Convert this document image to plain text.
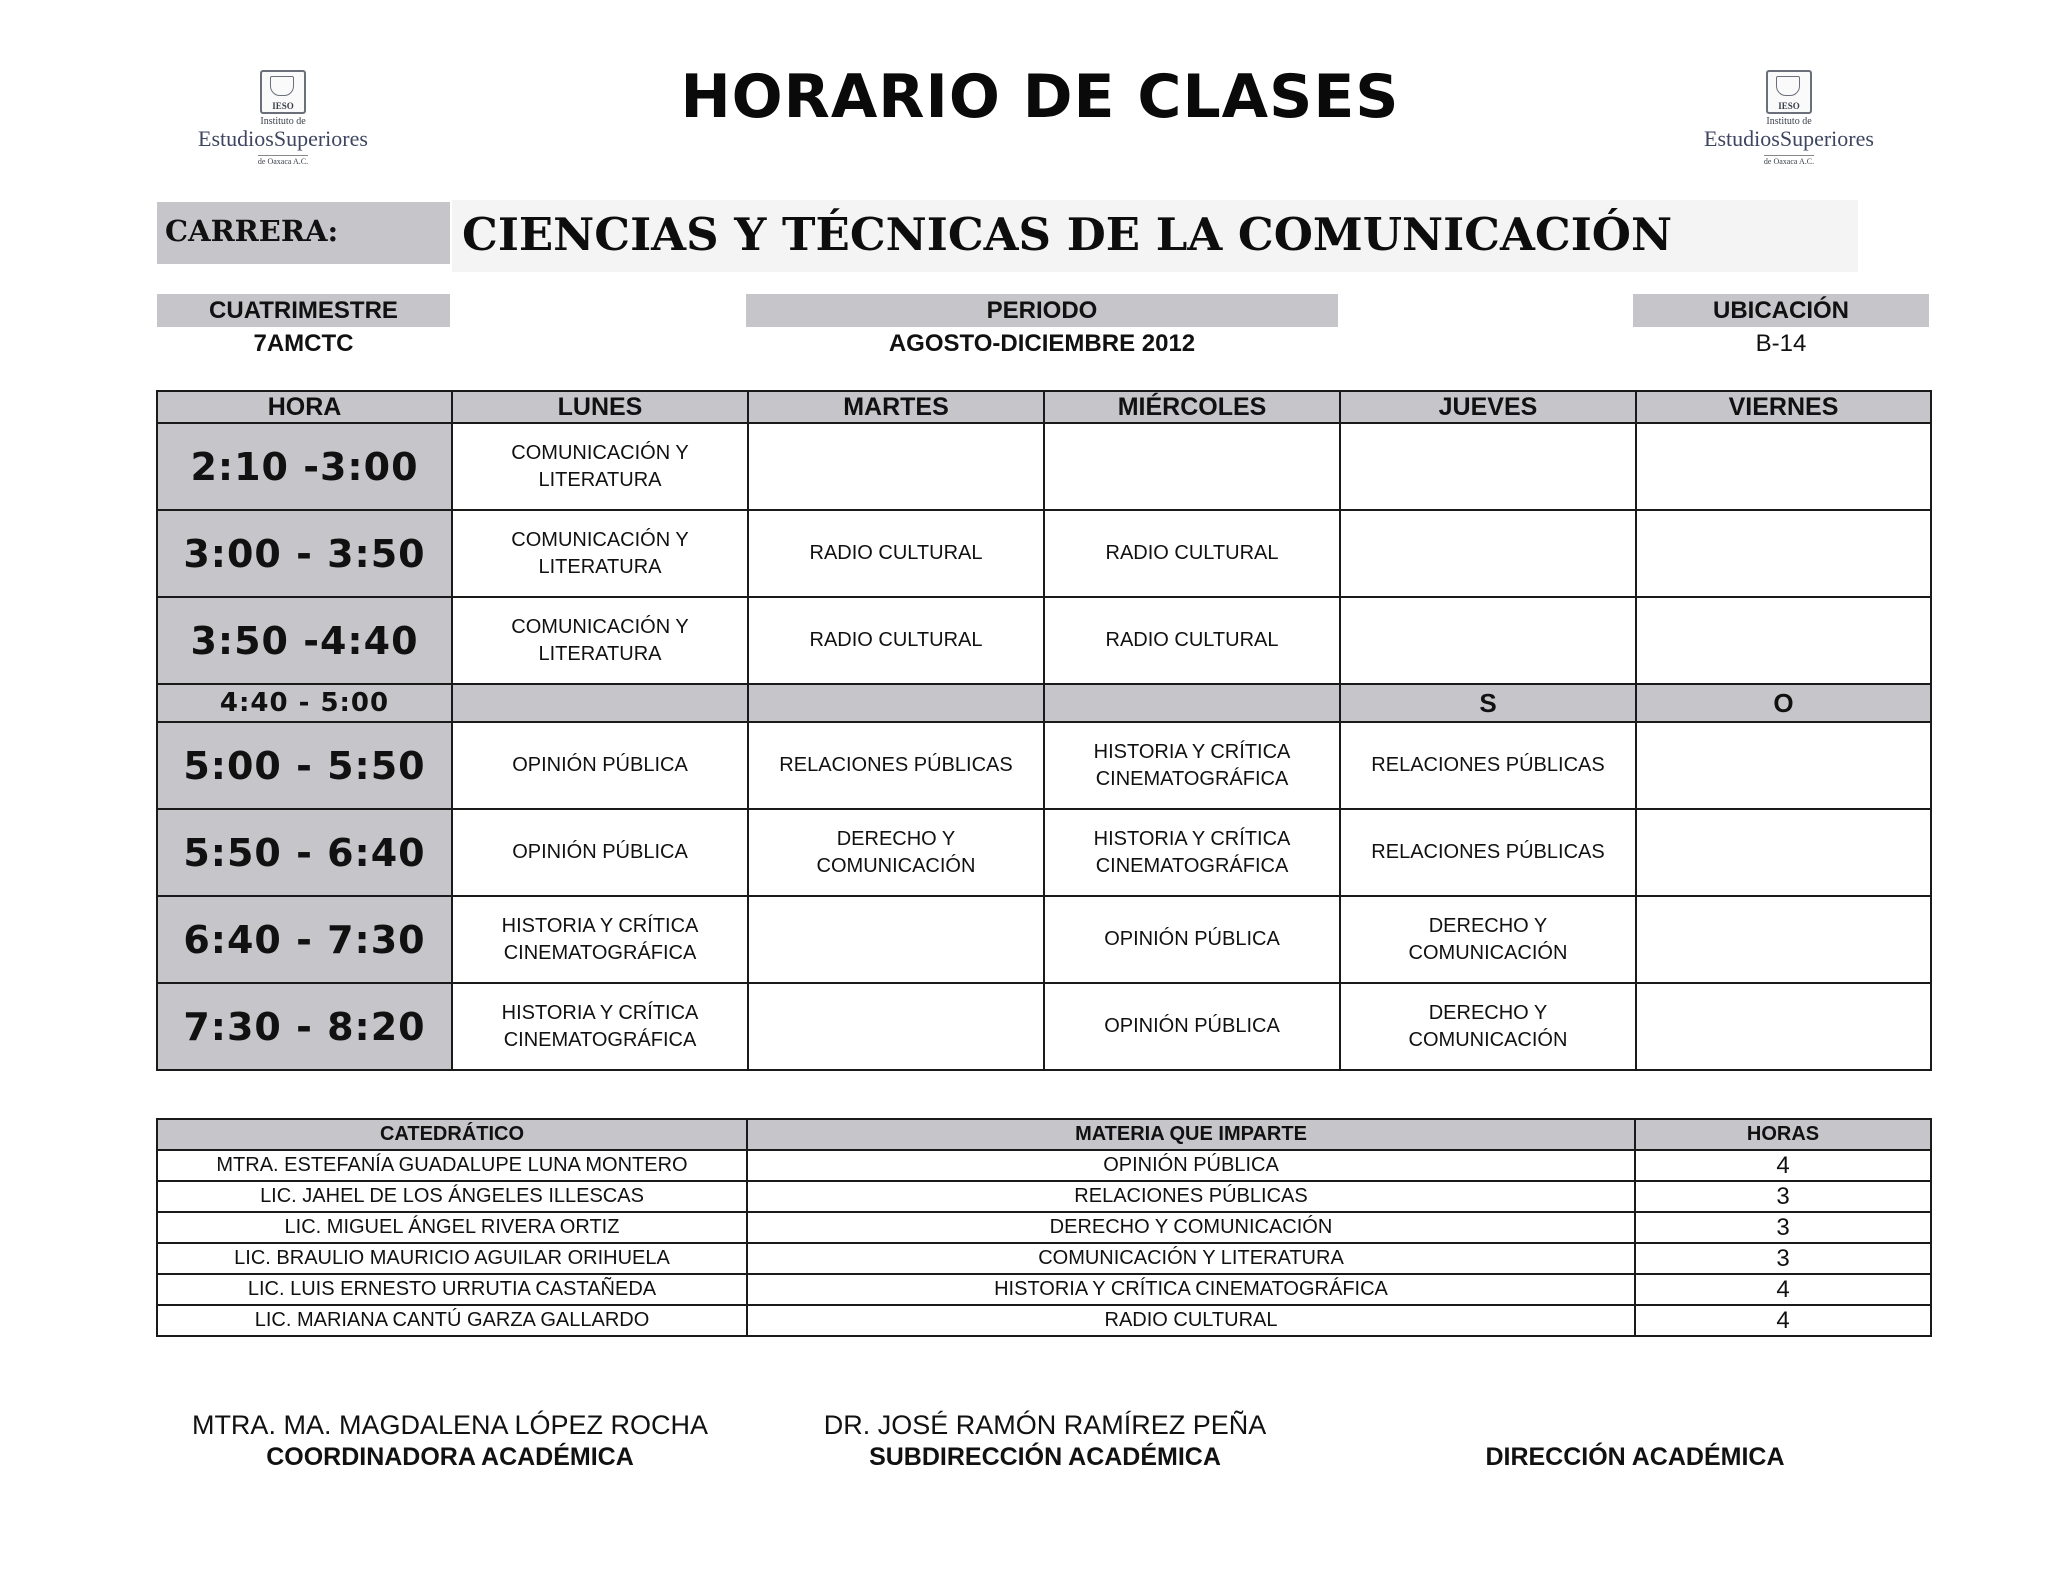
IESO
Instituto de
EstudiosSuperiores
de Oaxaca A.C.
IESO
Instituto de
EstudiosSuperiores
de Oaxaca A.C.
HORARIO DE CLASES
CARRERA:	CIENCIAS Y TÉCNICAS DE LA COMUNICACIÓN
CUATRIMESTRE
7AMCTC
PERIODO
AGOSTO-DICIEMBRE 2012
UBICACIÓN
B-14
HORA	LUNES	MARTES	MIÉRCOLES	JUEVES	VIERNES
2:10 -3:00	COMUNICACIÓN Y
LITERATURA				
3:00 - 3:50	COMUNICACIÓN Y
LITERATURA	RADIO CULTURAL	RADIO CULTURAL		
3:50 -4:40	COMUNICACIÓN Y
LITERATURA	RADIO CULTURAL	RADIO CULTURAL		
4:40 - 5:00				S	O
5:00 - 5:50	OPINIÓN PÚBLICA	RELACIONES PÚBLICAS	HISTORIA Y CRÍTICA
CINEMATOGRÁFICA	RELACIONES PÚBLICAS	
5:50 - 6:40	OPINIÓN PÚBLICA	DERECHO Y
COMUNICACIÓN	HISTORIA Y CRÍTICA
CINEMATOGRÁFICA	RELACIONES PÚBLICAS	
6:40 - 7:30	HISTORIA Y CRÍTICA
CINEMATOGRÁFICA		OPINIÓN PÚBLICA	DERECHO Y
COMUNICACIÓN	
7:30 - 8:20	HISTORIA Y CRÍTICA
CINEMATOGRÁFICA		OPINIÓN PÚBLICA	DERECHO Y
COMUNICACIÓN	
CATEDRÁTICO	MATERIA QUE IMPARTE	HORAS
MTRA. ESTEFANÍA GUADALUPE LUNA MONTERO	OPINIÓN PÚBLICA	4
LIC. JAHEL DE LOS ÁNGELES ILLESCAS	RELACIONES PÚBLICAS	3
LIC. MIGUEL ÁNGEL RIVERA ORTIZ	DERECHO Y COMUNICACIÓN	3
LIC. BRAULIO MAURICIO AGUILAR ORIHUELA	COMUNICACIÓN Y LITERATURA	3
LIC. LUIS ERNESTO URRUTIA CASTAÑEDA	HISTORIA Y CRÍTICA CINEMATOGRÁFICA	4
LIC. MARIANA CANTÚ GARZA GALLARDO	RADIO CULTURAL	4
MTRA. MA. MAGDALENA LÓPEZ ROCHA
COORDINADORA ACADÉMICA
DR. JOSÉ RAMÓN RAMÍREZ PEÑA
SUBDIRECCIÓN ACADÉMICA	DIRECCIÓN ACADÉMICA
